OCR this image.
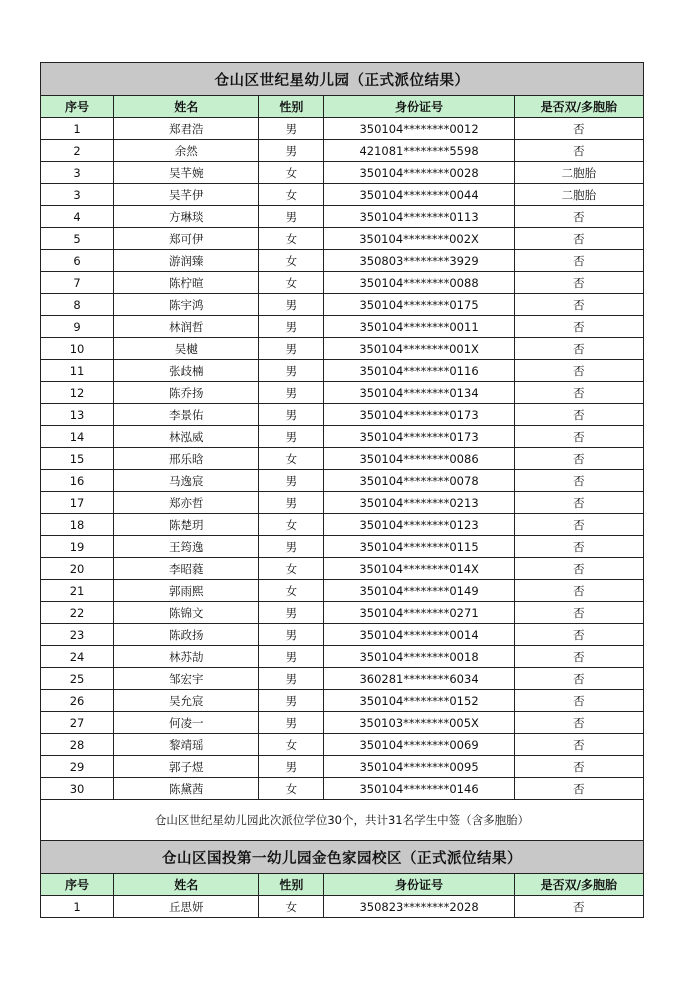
仓山区世纪星幼儿园（正式派位结果）				
序号	姓名	性别	身份证号	是否双/多胞胎
1	郑君浩	男	350104********0012	否
2	余然	男	421081********5598	否
3	吴芊婉	女	350104********0028	二胞胎
3	吴芊伊	女	350104********0044	二胞胎
4	方琳琰	男	350104********0113	否
5	郑可伊	女	350104********002X	否
6	游润臻	女	350803********3929	否
7	陈柠暄	女	350104********0088	否
8	陈宇鸿	男	350104********0175	否
9	林润哲	男	350104********0011	否
10	吴樾	男	350104********001X	否
11	张歧楠	男	350104********0116	否
12	陈乔扬	男	350104********0134	否
13	李景佑	男	350104********0173	否
14	林泓威	男	350104********0173	否
15	邢乐晗	女	350104********0086	否
16	马逸宸	男	350104********0078	否
17	郑亦哲	男	350104********0213	否
18	陈楚玥	女	350104********0123	否
19	王筠逸	男	350104********0115	否
20	李昭蕤	女	350104********014X	否
21	郭雨熙	女	350104********0149	否
22	陈锦文	男	350104********0271	否
23	陈政扬	男	350104********0014	否
24	林苏劼	男	350104********0018	否
25	邹宏宇	男	360281********6034	否
26	吴允宸	男	350104********0152	否
27	何凌一	男	350103********005X	否
28	黎靖瑶	女	350104********0069	否
29	郭子煜	男	350104********0095	否
30	陈黛茜	女	350104********0146	否
仓山区世纪星幼儿园此次派位学位30个，共计31名学生中签（含多胞胎）				
仓山区国投第一幼儿园金色家园校区（正式派位结果）				
序号	姓名	性别	身份证号	是否双/多胞胎
1	丘思妍	女	350823********2028	否
